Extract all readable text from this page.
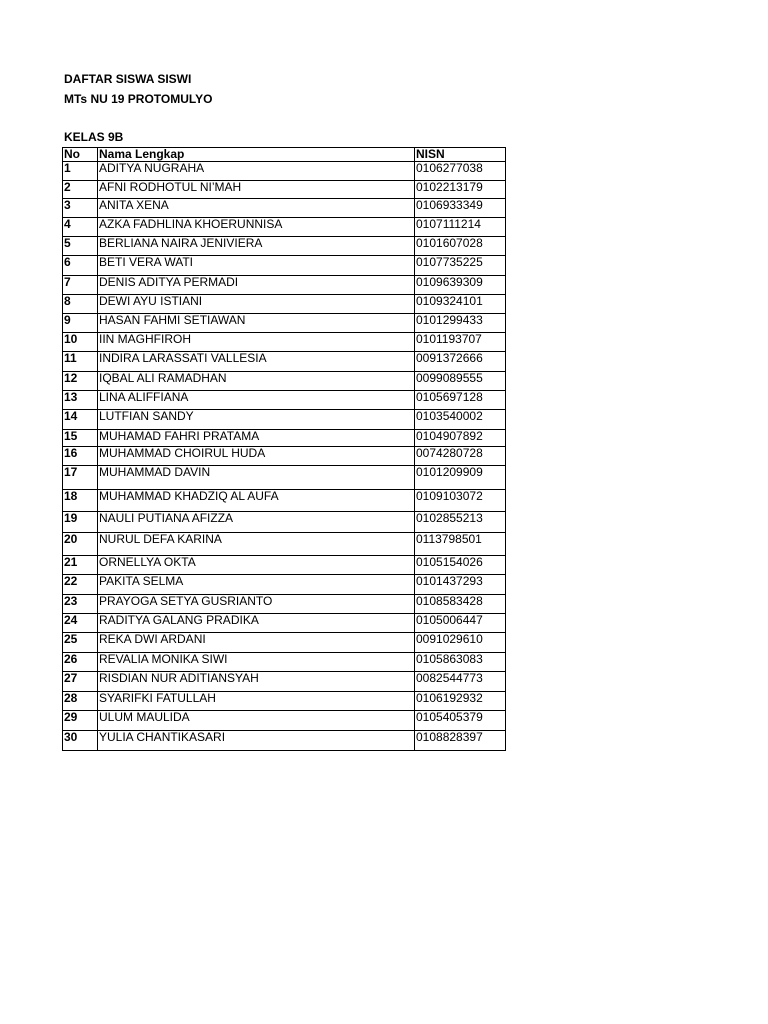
DAFTAR SISWA SISWI
MTs NU 19 PROTOMULYO
KELAS 9B
No	Nama Lengkap	NISN
1	ADITYA NUGRAHA	0106277038
2	AFNI RODHOTUL NI’MAH	0102213179
3	ANITA XENA	0106933349
4	AZKA FADHLINA KHOERUNNISA	0107111214
5	BERLIANA NAIRA JENIVIERA	0101607028
6	BETI VERA WATI	0107735225
7	DENIS ADITYA PERMADI	0109639309
8	DEWI AYU ISTIANI	0109324101
9	HASAN FAHMI SETIAWAN	0101299433
10	IIN MAGHFIROH	0101193707
11	INDIRA LARASSATI VALLESIA	0091372666
12	IQBAL ALI RAMADHAN	0099089555
13	LINA ALIFFIANA	0105697128
14	LUTFIAN SANDY	0103540002
15	MUHAMAD FAHRI PRATAMA	0104907892
16	MUHAMMAD CHOIRUL HUDA	0074280728
17	MUHAMMAD DAVIN	0101209909
18	MUHAMMAD KHADZIQ AL AUFA	0109103072
19	NAULI PUTIANA AFIZZA	0102855213
20	NURUL DEFA KARINA	0113798501
21	ORNELLYA OKTA	0105154026
22	PAKITA SELMA	0101437293
23	PRAYOGA SETYA GUSRIANTO	0108583428
24	RADITYA GALANG PRADIKA	0105006447
25	REKA DWI ARDANI	0091029610
26	REVALIA MONIKA SIWI	0105863083
27	RISDIAN NUR ADITIANSYAH	0082544773
28	SYARIFKI FATULLAH	0106192932
29	ULUM MAULIDA	0105405379
30	YULIA CHANTIKASARI	0108828397
